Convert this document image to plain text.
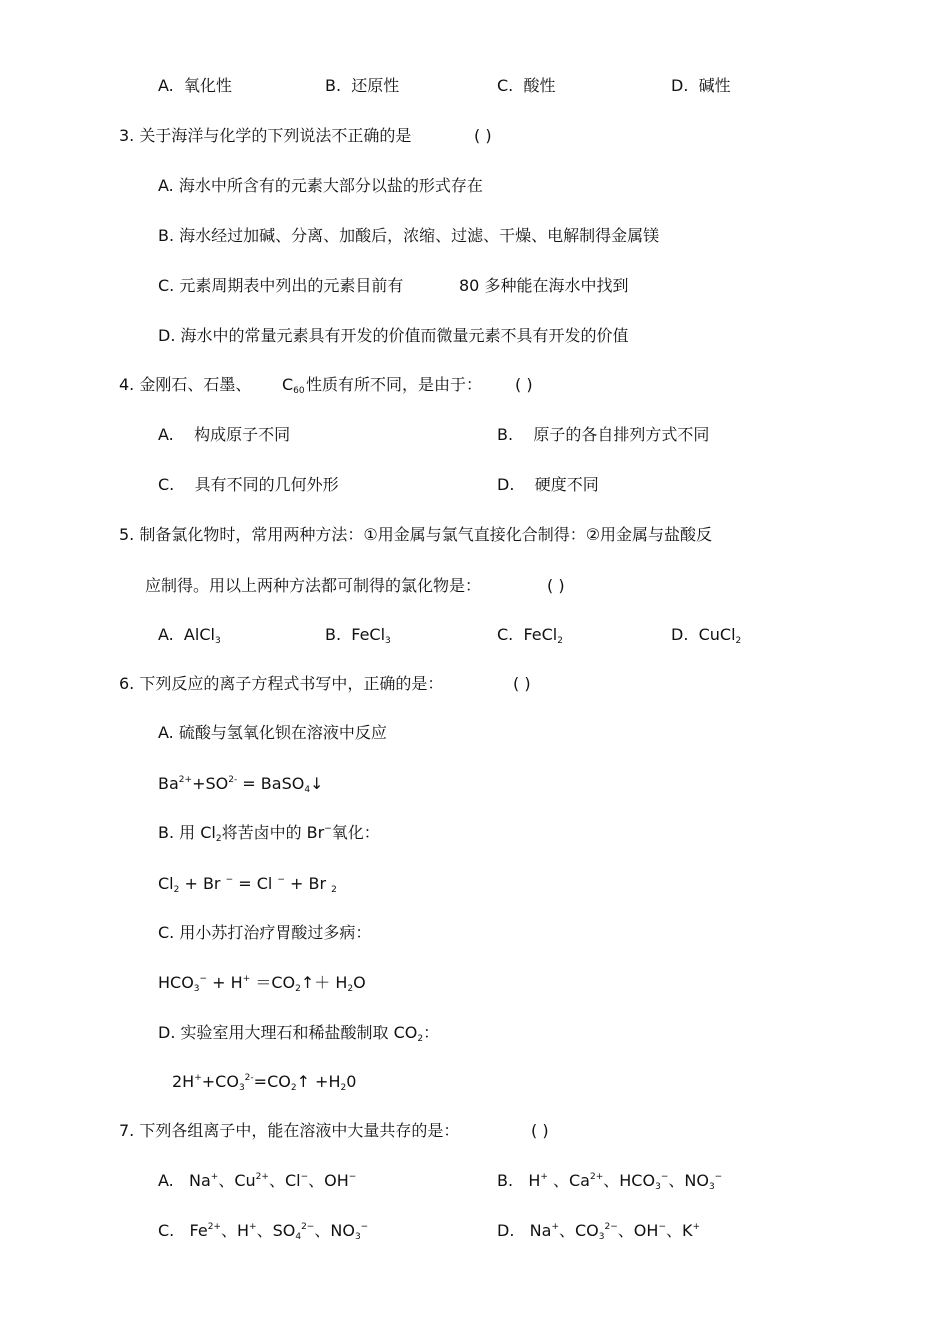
A. 氧化性	B. 还原性	C. 酸性	D. 碱性
3. 关于海洋与化学的下列说法不正确的是	( )
A. 海水中所含有的元素大部分以盐的形式存在
B. 海水经过加碱、分离、加酸后，浓缩、过滤、干燥、电解制得金属镁
C. 元素周期表中列出的元素目前有	80 多种能在海水中找到
D. 海水中的常量元素具有开发的价值而微量元素不具有开发的价值
4. 金刚石、石墨、 $C_{60}$ 性质有所不同，是由于： ( )
A. 构成原子不同	B. 原子的各自排列方式不同
C. 具有不同的几何外形	D. 硬度不同
5. 制备氯化物时，常用两种方法：①用金属与氯气直接化合制得：②用金属与盐酸反
应制得。用以上两种方法都可制得的氯化物是：	( )
A. AlCl$_3$	B. FeCl$_3$	C. FeCl$_2$	D. CuCl$_2$
6. 下列反应的离子方程式书写中，正确的是：	( )
A. 硫酸与氢氧化钡在溶液中反应
$Ba^{2+}+SO^{2-}$ = BaSO$_4$↓
B. 用 $Cl_2$将苦卤中的 Br−氧化：
$Cl_2 + Br$ − = Cl − + Br $_2$
C. 用小苏打治疗胃酸过多病：
$HCO_3^- + H^+$ $=CO_2↑+ H_2O$
D. 实验室用大理石和稀盐酸制取 $CO_2$：
$2H^++CO_3^{2-}=CO_2↑ +H_20$
7. 下列各组离子中，能在溶液中大量共存的是：	( )
A. Na+、$Cu^{2+}$、Cl−、OH−	B. H+ 、$Ca^{2+}$、$HCO_3^-$、$NO_3^-$
C. $Fe^{2+}$、H+、$SO_4^{2-}$、$NO_3^-$	D. Na+、$CO_3^{2-}$、OH−、K+
